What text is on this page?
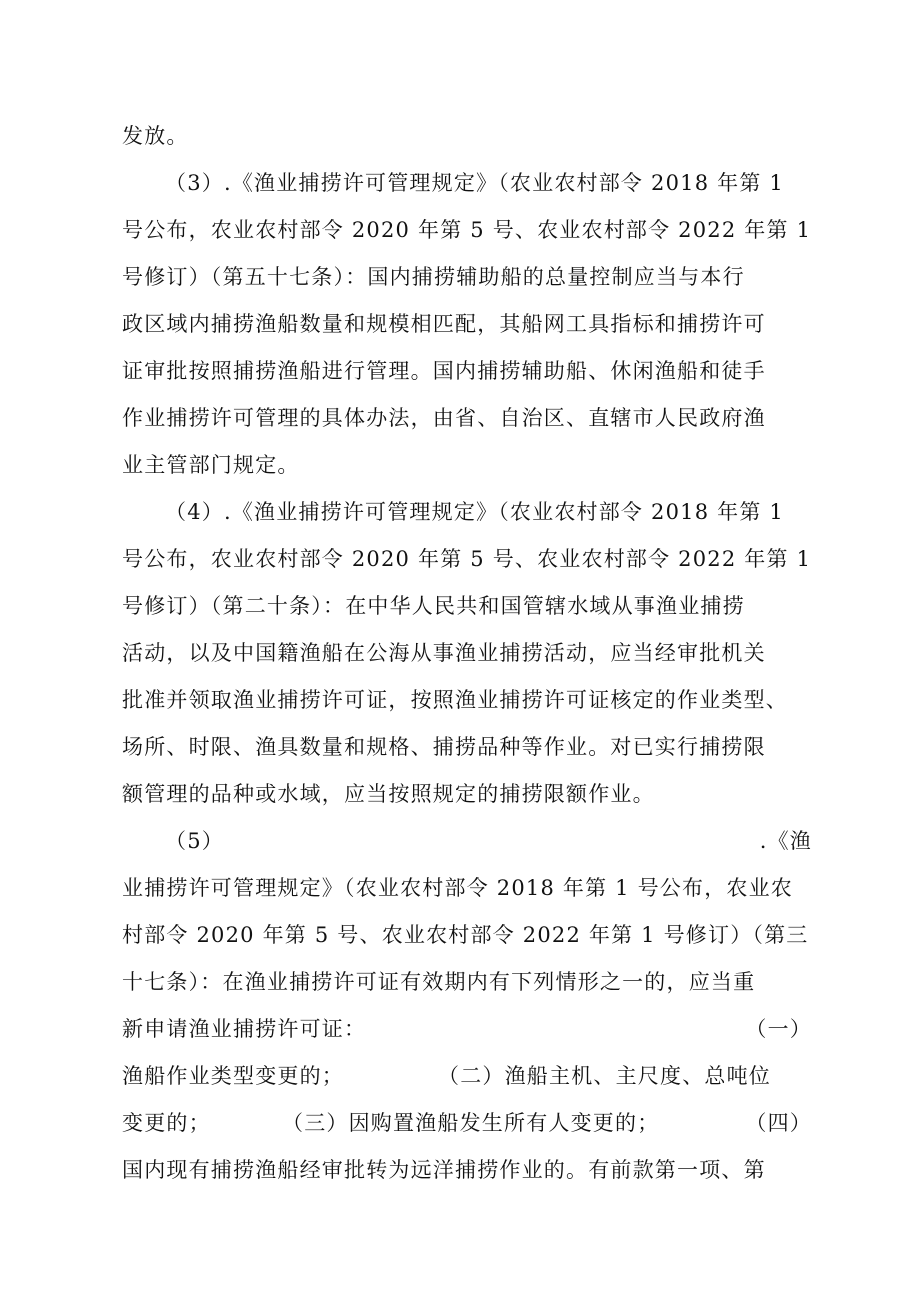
发放。
（3）.《渔业捕捞许可管理规定》（农业农村部令 2018 年第 1
号公布，农业农村部令 2020 年第 5 号、农业农村部令 2022 年第 1
号修订）（第五十七条）：国内捕捞辅助船的总量控制应当与本行
政区域内捕捞渔船数量和规模相匹配，其船网工具指标和捕捞许可
证审批按照捕捞渔船进行管理。国内捕捞辅助船、休闲渔船和徒手
作业捕捞许可管理的具体办法，由省、自治区、直辖市人民政府渔
业主管部门规定。
（4）.《渔业捕捞许可管理规定》（农业农村部令 2018 年第 1
号公布，农业农村部令 2020 年第 5 号、农业农村部令 2022 年第 1
号修订）（第二十条）：在中华人民共和国管辖水域从事渔业捕捞
活动，以及中国籍渔船在公海从事渔业捕捞活动，应当经审批机关
批准并领取渔业捕捞许可证，按照渔业捕捞许可证核定的作业类型、
场所、时限、渔具数量和规格、捕捞品种等作业。对已实行捕捞限
额管理的品种或水域，应当按照规定的捕捞限额作业。
（5）	.《渔
业捕捞许可管理规定》（农业农村部令 2018 年第 1 号公布，农业农
村部令 2020 年第 5 号、农业农村部令 2022 年第 1 号修订）（第三
十七条）：在渔业捕捞许可证有效期内有下列情形之一的，应当重
新申请渔业捕捞许可证：	（一）
渔船作业类型变更的；	（二）渔船主机、主尺度、总吨位
变更的；	（三）因购置渔船发生所有人变更的；	（四）
国内现有捕捞渔船经审批转为远洋捕捞作业的。有前款第一项、第
